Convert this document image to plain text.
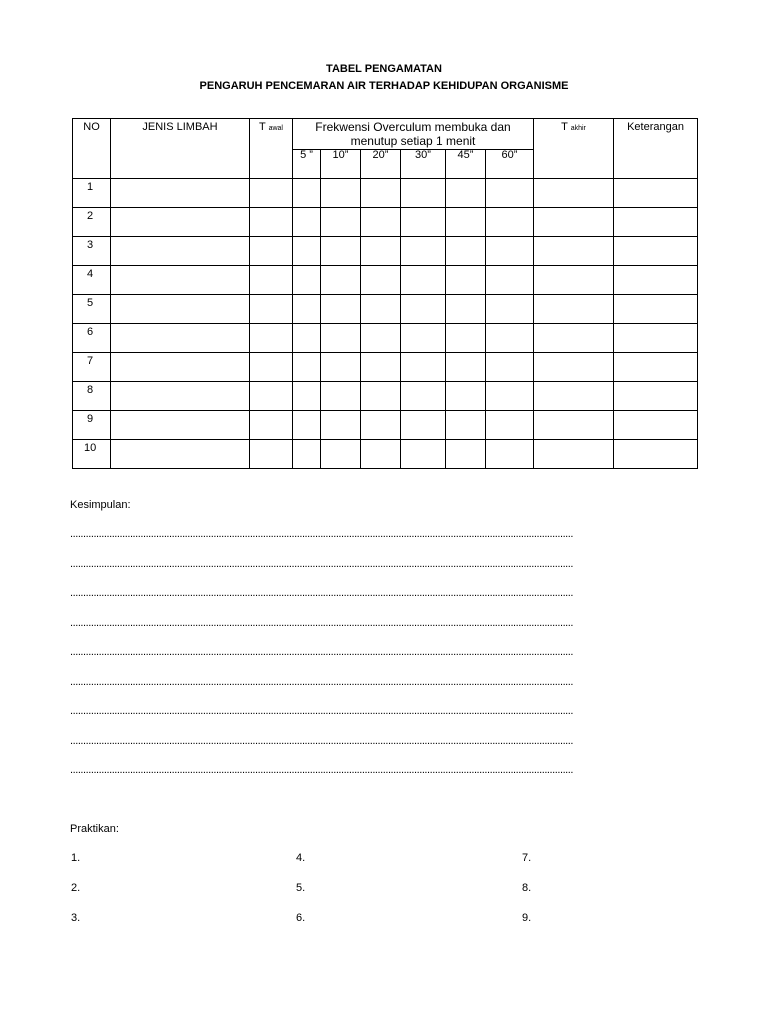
TABEL PENGAMATAN
PENGARUH PENCEMARAN AIR TERHADAP KEHIDUPAN ORGANISME
NO	JENIS LIMBAH	T awal	Frekwensi Overculum membuka dan menutup setiap 1 menit						T akhir	Keterangan
			5 ”	10”	20”	30”	45”	60”		
1										
2										
3										
4										
5										
6										
7										
8										
9										
10										
Kesimpulan:
.................................................................................................................................................................................................
.................................................................................................................................................................................................
.................................................................................................................................................................................................
.................................................................................................................................................................................................
.................................................................................................................................................................................................
.................................................................................................................................................................................................
.................................................................................................................................................................................................
.................................................................................................................................................................................................
.................................................................................................................................................................................................
Praktikan:
1.
2.
3.
4.
5.
6.
7.
8.
9.
